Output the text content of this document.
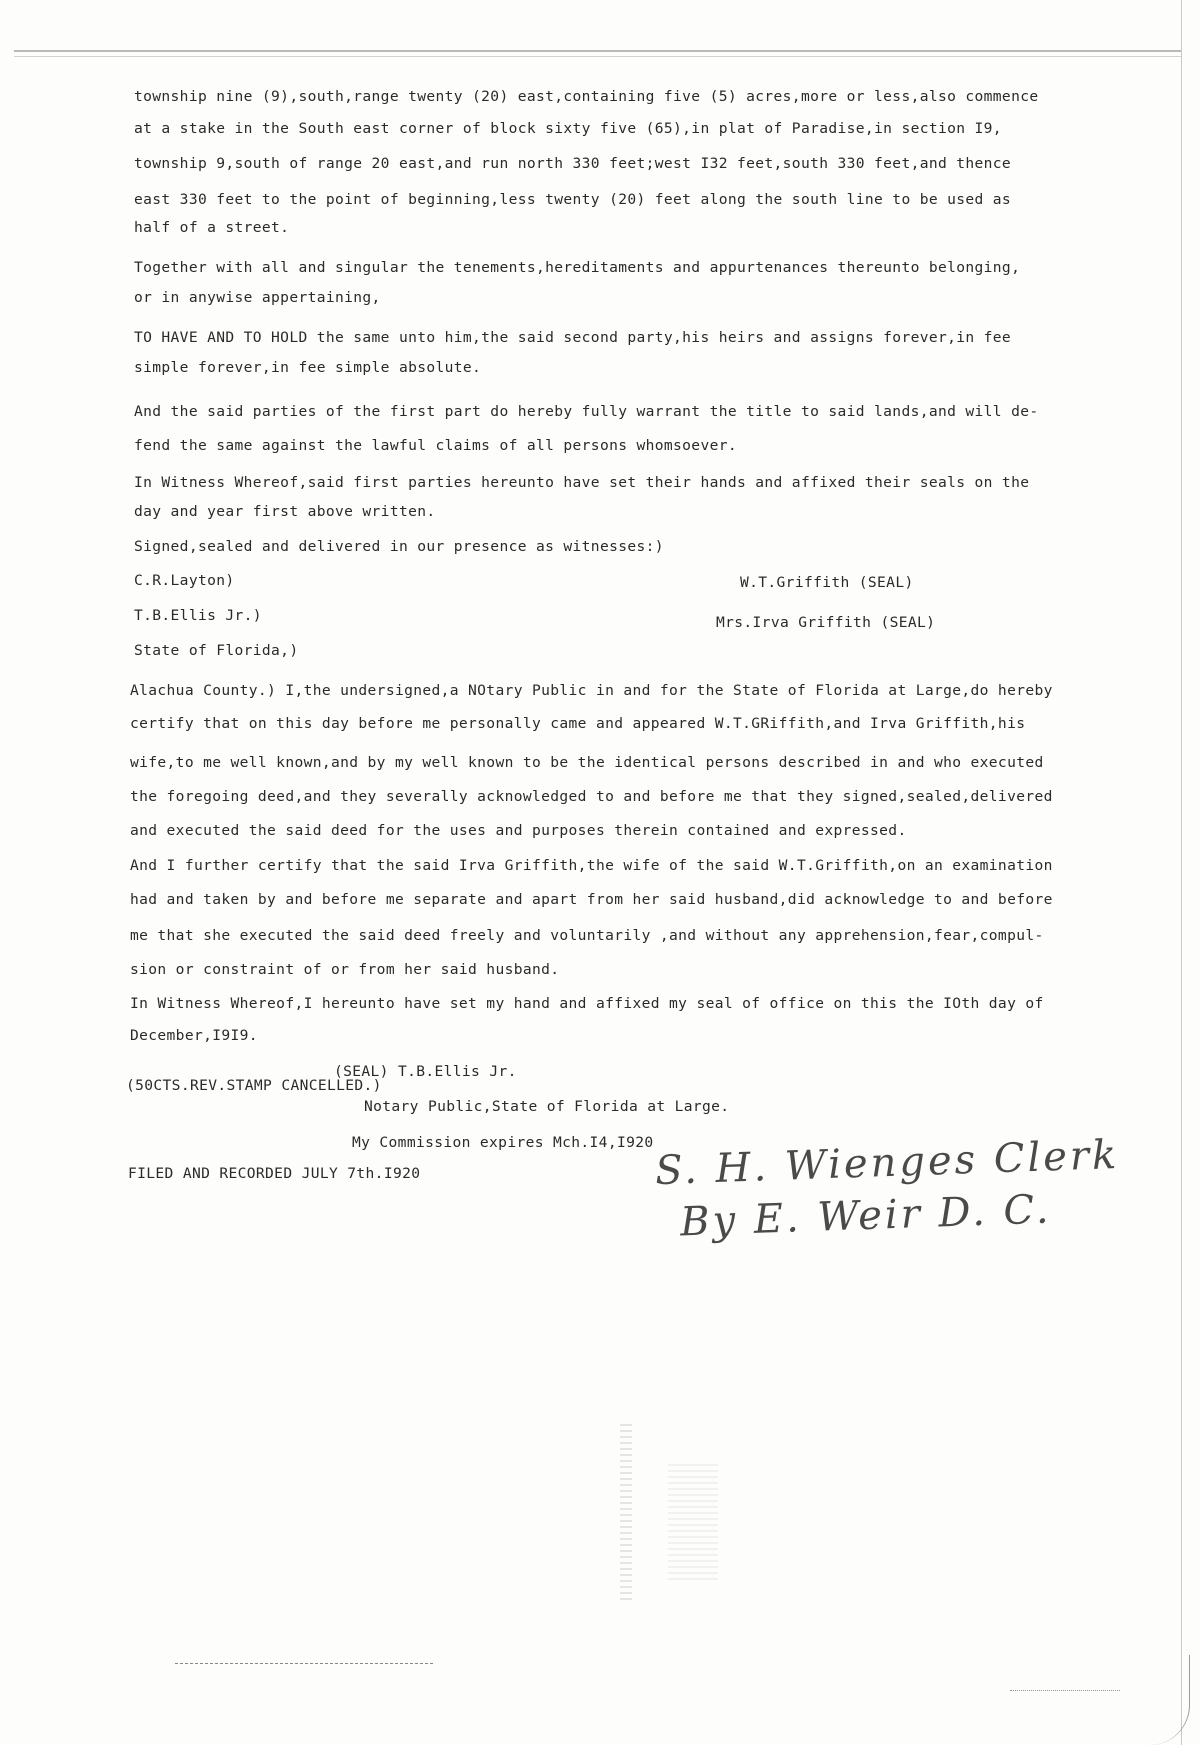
township nine (9),south,range twenty (20) east,containing five (5) acres,more or less,also commence
at a stake in the South east corner of block sixty five (65),in plat of Paradise,in section I9,
township 9,south of range 20 east,and run north 330 feet;west I32 feet,south 330 feet,and thence
east 330 feet to the point of beginning,less twenty (20) feet along the south line to be used as
half of a street.
Together with all and singular the tenements,hereditaments and appurtenances thereunto belonging,
or in anywise appertaining,
TO HAVE AND TO HOLD the same unto him,the said second party,his heirs and assigns forever,in fee
simple forever,in fee simple absolute.
And the said parties of the first part do hereby fully warrant the title to said lands,and will de-
fend the same against the lawful claims of all persons whomsoever.
In Witness Whereof,said first parties hereunto have set their hands and affixed their seals on the
day and year first above written.
Signed,sealed and delivered in our presence as witnesses:)
C.R.Layton)	W.T.Griffith (SEAL)
T.B.Ellis Jr.)	Mrs.Irva Griffith (SEAL)
State of Florida,)
Alachua County.) I,the undersigned,a NOtary Public in and for the State of Florida at Large,do hereby
certify that on this day before me personally came and appeared W.T.GRiffith,and Irva Griffith,his
wife,to me well known,and by my well known to be the identical persons described in and who executed
the foregoing deed,and they severally acknowledged to and before me that they signed,sealed,delivered
and executed the said deed for the uses and purposes therein contained and expressed.
And I further certify that the said Irva Griffith,the wife of the said W.T.Griffith,on an examination
had and taken by and before me separate and apart from her said husband,did acknowledge to and before
me that she executed the said deed freely and voluntarily ,and without any apprehension,fear,compul-
sion or constraint of or from her said husband.
In Witness Whereof,I hereunto have set my hand and affixed my seal of office on this the IOth day of
December,I9I9.
(SEAL) T.B.Ellis Jr.
(50CTS.REV.STAMP CANCELLED.)
Notary Public,State of Florida at Large.
My Commission expires Mch.I4,I920
FILED AND RECORDED JULY 7th.I920	S. H. Wienges Clerk
By E. Weir D. C.
